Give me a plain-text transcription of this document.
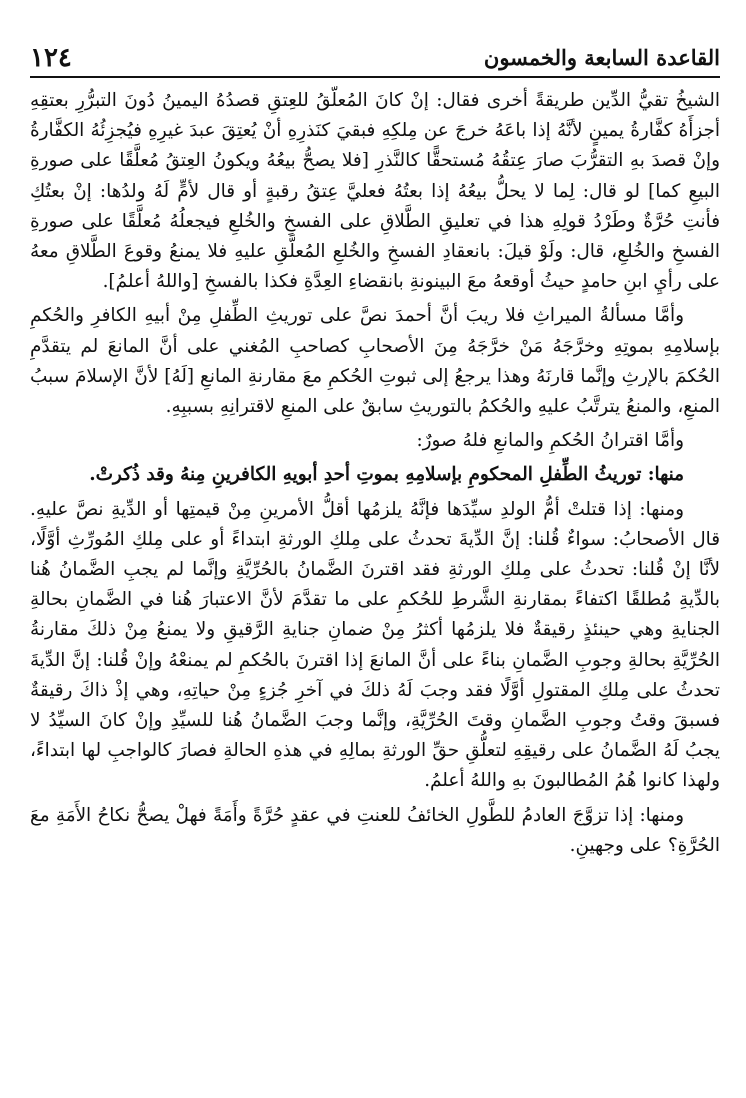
القاعدة السابعة والخمسون
١٢٤

الشيخُ تقيُّ الدِّين طريقةً أخرى فقال: إنْ كانَ المُعلَّقُ للعِتقِ قصدُهُ اليمينُ دُونَ التبرُّرِ بعتقِهِ أجزأَهُ كفَّارةُ يمينٍ لأنَّهُ إذا باعَهُ خرجَ عن مِلكِهِ فبقيَ كنَذرِهِ أنْ يُعتِقَ عبدَ غيرِهِ فيُجزِئُهُ الكفَّارةُ وإنْ قصدَ بهِ التقرُّبَ صارَ عِتقُهُ مُستحقًّا كالنَّذرِ [فلا يصحُّ بيعُهُ ويكونُ العِتقُ مُعلَّقًا على صورةِ البيعِ كما] لو قال: لِما لا يحلُّ بيعُهُ إذا بعتُهُ فعليَّ عِتقُ رقبةٍ أو قال لأمٍّ لَهُ ولدُها: إنْ بعتُكِ فأنتِ حُرَّةٌ وطَرْدُ قولِهِ هذا في تعليقِ الطَّلاقِ على الفسخِ والخُلعِ فيجعلُهُ مُعلَّقًا على صورةِ الفسخِ والخُلعِ، قال: ولَوْ قيلَ: بانعقادِ الفسخِ والخُلعِ المُعلَّقِ عليهِ فلا يمنعُ وقوعَ الطَّلاقِ معهُ على رأيِ ابنِ حامدٍ حيثُ أوقعهُ معَ البينونةِ بانقضاءِ العِدَّةِ فكذا بالفسخِ [واللهُ أعلمُ].

وأمَّا مسألةُ الميراثِ فلا ريبَ أنَّ أحمدَ نصَّ على توريثِ الطِّفلِ مِنْ أبيهِ الكافرِ والحُكمِ بإسلامِهِ بموتِهِ وخرَّجَهُ مَنْ خرَّجَهُ مِنَ الأصحابِ كصاحبِ المُغني على أنَّ المانعَ لم يتقدَّمِ الحُكمَ بالإرثِ وإنَّما قارنَهُ وهذا يرجعُ إلى ثبوتِ الحُكمِ معَ مقارنةِ المانعِ [لَهُ] لأنَّ الإسلامَ سببُ المنعِ، والمنعُ يترتَّبُ عليهِ والحُكمُ بالتوريثِ سابقٌ على المنعِ لاقترانِهِ بسببِهِ.

وأمَّا اقترانُ الحُكمِ والمانعِ فلهُ صورٌ:

منها: توريثُ الطِّفلِ المحكومِ بإسلامِهِ بموتِ أحدِ أبويهِ الكافرينِ مِنهُ وقد ذُكرتْ.

ومنها: إذا قتلتْ أمُّ الولدِ سيِّدَها فإنَّهُ يلزمُها أقلُّ الأمرينِ مِنْ قيمتِها أو الدِّيةِ نصَّ عليهِ. قال الأصحابُ: سواءٌ قُلنا: إنَّ الدِّيةَ تحدثُ على مِلكِ الورثةِ ابتداءً أو على مِلكِ المُورِّثِ أوَّلًا، لأنَّا إنْ قُلنا: تحدثُ على مِلكِ الورثةِ فقد اقترنَ الضَّمانُ بالحُرِّيَّةِ وإنَّما لم يجبِ الضَّمانُ هُنا بالدِّيةِ مُطلقًا اكتفاءً بمقارنةِ الشَّرطِ للحُكمِ على ما تقدَّمَ لأنَّ الاعتبارَ هُنا في الضَّمانِ بحالةِ الجنايةِ وهي حينئذٍ رقيقةٌ فلا يلزمُها أكثرُ مِنْ ضمانِ جنايةِ الرَّقيقِ ولا يمنعُ مِنْ ذلكَ مقارنةُ الحُرِّيَّةِ بحالةِ وجوبِ الضَّمانِ بناءً على أنَّ المانعَ إذا اقترنَ بالحُكمِ لم يمنعْهُ وإنْ قُلنا: إنَّ الدِّيةَ تحدثُ على مِلكِ المقتولِ أوَّلًا فقد وجبَ لَهُ ذلكَ في آخرِ جُزءٍ مِنْ حياتِهِ، وهي إذْ ذاكَ رقيقةٌ فسبقَ وقتُ وجوبِ الضَّمانِ وقتَ الحُرِّيَّةِ، وإنَّما وجبَ الضَّمانُ هُنا للسيِّدِ وإنْ كانَ السيِّدُ لا يجبُ لَهُ الضَّمانُ على رقيقِهِ لتعلُّقِ حقِّ الورثةِ بمالِهِ في هذهِ الحالةِ فصارَ كالواجبِ لها ابتداءً، ولهذا كانوا هُمُ المُطالبونَ بهِ واللهُ أعلمُ.

ومنها: إذا تزوَّجَ العادمُ للطَّولِ الخائفُ للعنتِ في عقدٍ حُرَّةً وأَمَةً فهلْ يصحُّ نكاحُ الأَمَةِ معَ الحُرَّةِ؟ على وجهينِ.
